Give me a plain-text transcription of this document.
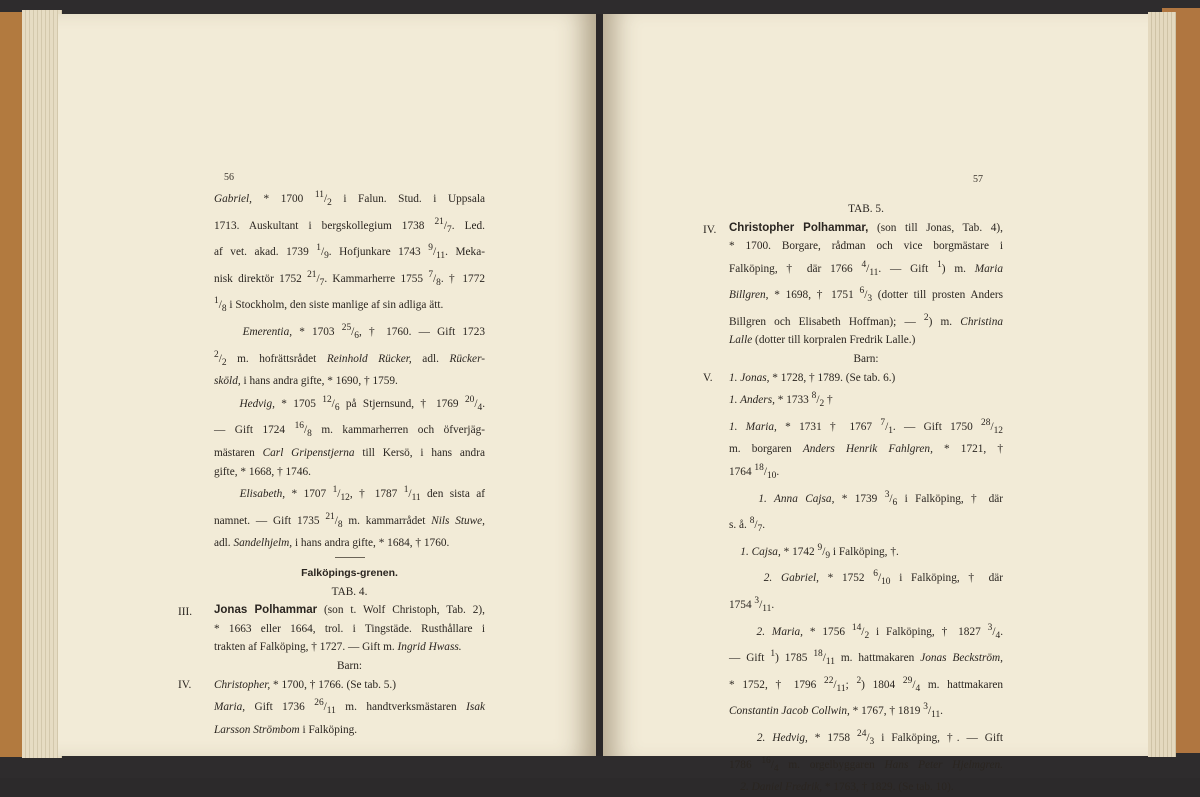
56
Gabriel, * 1700 $^{11}/_2$ i Falun. Stud. i Uppsala
1713. Auskultant i bergskollegium 1738 $^{21}/_7$. Led.
af vet. akad. 1739 $^1/_9$. Hofjunkare 1743 $^9/_{11}$. Meka-
nisk direktör 1752 $^{21}/_7$. Kammarherre 1755 $^7/_8$. † 1772
$^1/_8$ i Stockholm, den siste manlige af sin adliga ätt.
Emerentia, * 1703 $^{25}/_6$, † 1760. — Gift 1723
$^2/_2$ m. hofrättsrådet Reinhold Rücker, adl. Rücker-
sköld, i hans andra gifte, * 1690, † 1759.
Hedvig, * 1705 $^{12}/_6$ på Stjernsund, † 1769 $^{20}/_4$.
— Gift 1724 $^{16}/_8$ m. kammarherren och öfverjäg-
mästaren Carl Gripenstjerna till Kersö, i hans andra
gifte, * 1668, † 1746.
Elisabeth, * 1707 $^1/_{12}$, † 1787 $^1/_{11}$ den sista af
namnet. — Gift 1735 $^{21}/_8$ m. kammarrådet Nils Stuwe,
adl. Sandelhjelm, i hans andra gifte, * 1684, † 1760.
Falköpings-grenen.
TAB. 4.
III. Jonas Polhammar (son t. Wolf Christoph, Tab. 2),
* 1663 eller 1664, trol. i Tingstäde. Rusthållare i
trakten af Falköping, † 1727. — Gift m. Ingrid Hwass.
Barn:
IV. Christopher, * 1700, † 1766. (Se tab. 5.)
Maria, Gift 1736 $^{26}/_{11}$ m. handtverksmästaren Isak
Larsson Strömbom i Falköping.
57
TAB. 5.
IV. Christopher Polhammar, (son till Jonas, Tab. 4),
* 1700. Borgare, rådman och vice borgmästare i
Falköping, † där 1766 $^4/_{11}$. — Gift $^1$) m. Maria
Billgren, * 1698, † 1751 $^6/_3$ (dotter till prosten Anders
Billgren och Elisabeth Hoffman); — $^2$) m. Christina
Lalle (dotter till korpralen Fredrik Lalle.)
Barn:
V. 1. Jonas, * 1728, † 1789. (Se tab. 6.)
1. Anders, * 1733 $^8/_2$ †
1. Maria, * 1731 † 1767 $^7/_1$. — Gift 1750 $^{28}/_{12}$
m. borgaren Anders Henrik Fahlgren, * 1721, †
1764 $^{18}/_{10}$.
1. Anna Cajsa, * 1739 $^3/_6$ i Falköping, † där
s. å. $^8/_7$.
1. Cajsa, * 1742 $^9/_9$ i Falköping, †.
2. Gabriel, * 1752 $^6/_{10}$ i Falköping, † där
1754 $^3/_{11}$.
2. Maria, * 1756 $^{14}/_2$ i Falköping, † 1827 $^3/_4$.
— Gift $^1$) 1785 $^{18}/_{11}$ m. hattmakaren Jonas Beckström,
* 1752, † 1796 $^{22}/_{11}$; $^2$) 1804 $^{29}/_4$ m. hattmakaren
Constantin Jacob Collwin, * 1767, † 1819 $^3/_{11}$.
2. Hedvig, * 1758 $^{24}/_3$ i Falköping, †. — Gift
1786 $^{16}/_4$ m. orgelbyggaren Hans Peter Hjelmgren.
2. Daniel Fredrik, * 1763, † 1829. (Se tab. 10).
